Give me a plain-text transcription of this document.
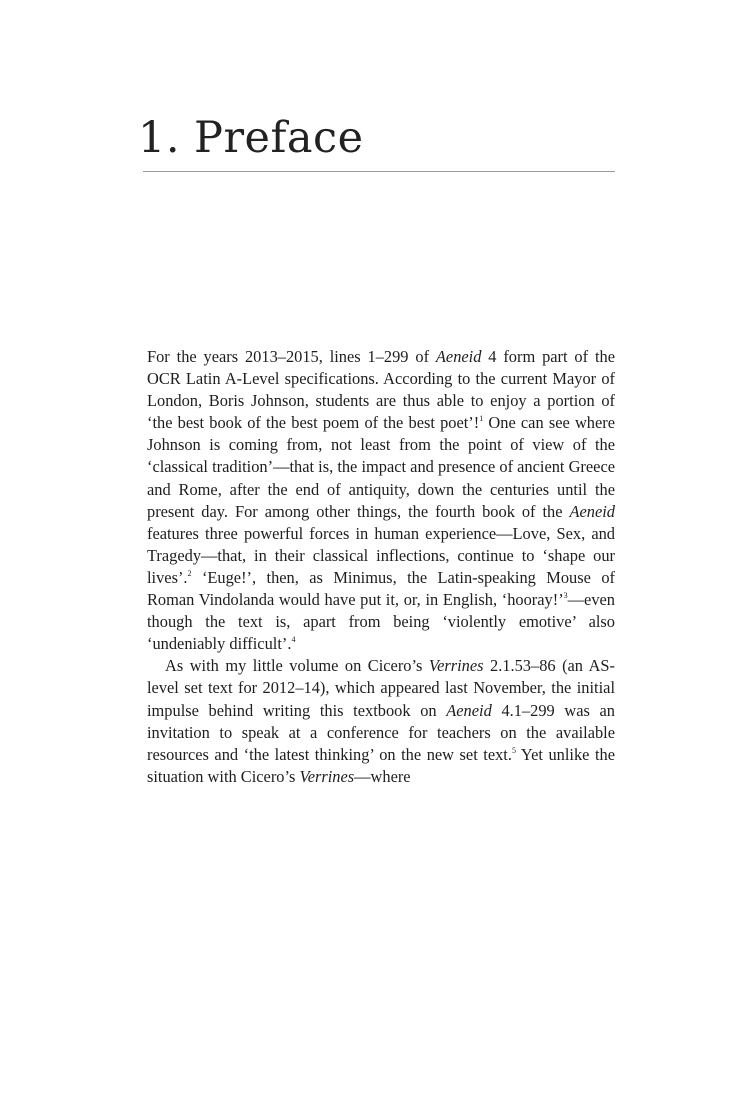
1. Preface

For the years 2013–2015, lines 1–299 of Aeneid 4 form part of the OCR Latin A-Level specifications. According to the current Mayor of London, Boris Johnson, students are thus able to enjoy a portion of ‘the best book of the best poem of the best poet’!$^1$ One can see where Johnson is coming from, not least from the point of view of the ‘classical tradition’—that is, the impact and presence of ancient Greece and Rome, after the end of antiquity, down the centuries until the present day. For among other things, the fourth book of the Aeneid features three powerful forces in human experience—Love, Sex, and Tragedy—that, in their classical inflections, continue to ‘shape our lives’.$^2$ ‘Euge!’, then, as Minimus, the Latin-speaking Mouse of Roman Vindolanda would have put it, or, in English, ‘hooray!’$^3$—even though the text is, apart from being ‘violently emotive’ also ‘undeniably difficult’.$^4$

As with my little volume on Cicero’s Verrines 2.1.53–86 (an AS-level set text for 2012–14), which appeared last November, the initial impulse behind writing this textbook on Aeneid 4.1–299 was an invitation to speak at a conference for teachers on the available resources and ‘the latest thinking’ on the new set text.$^5$ Yet unlike the situation with Cicero’s Verrines—where
